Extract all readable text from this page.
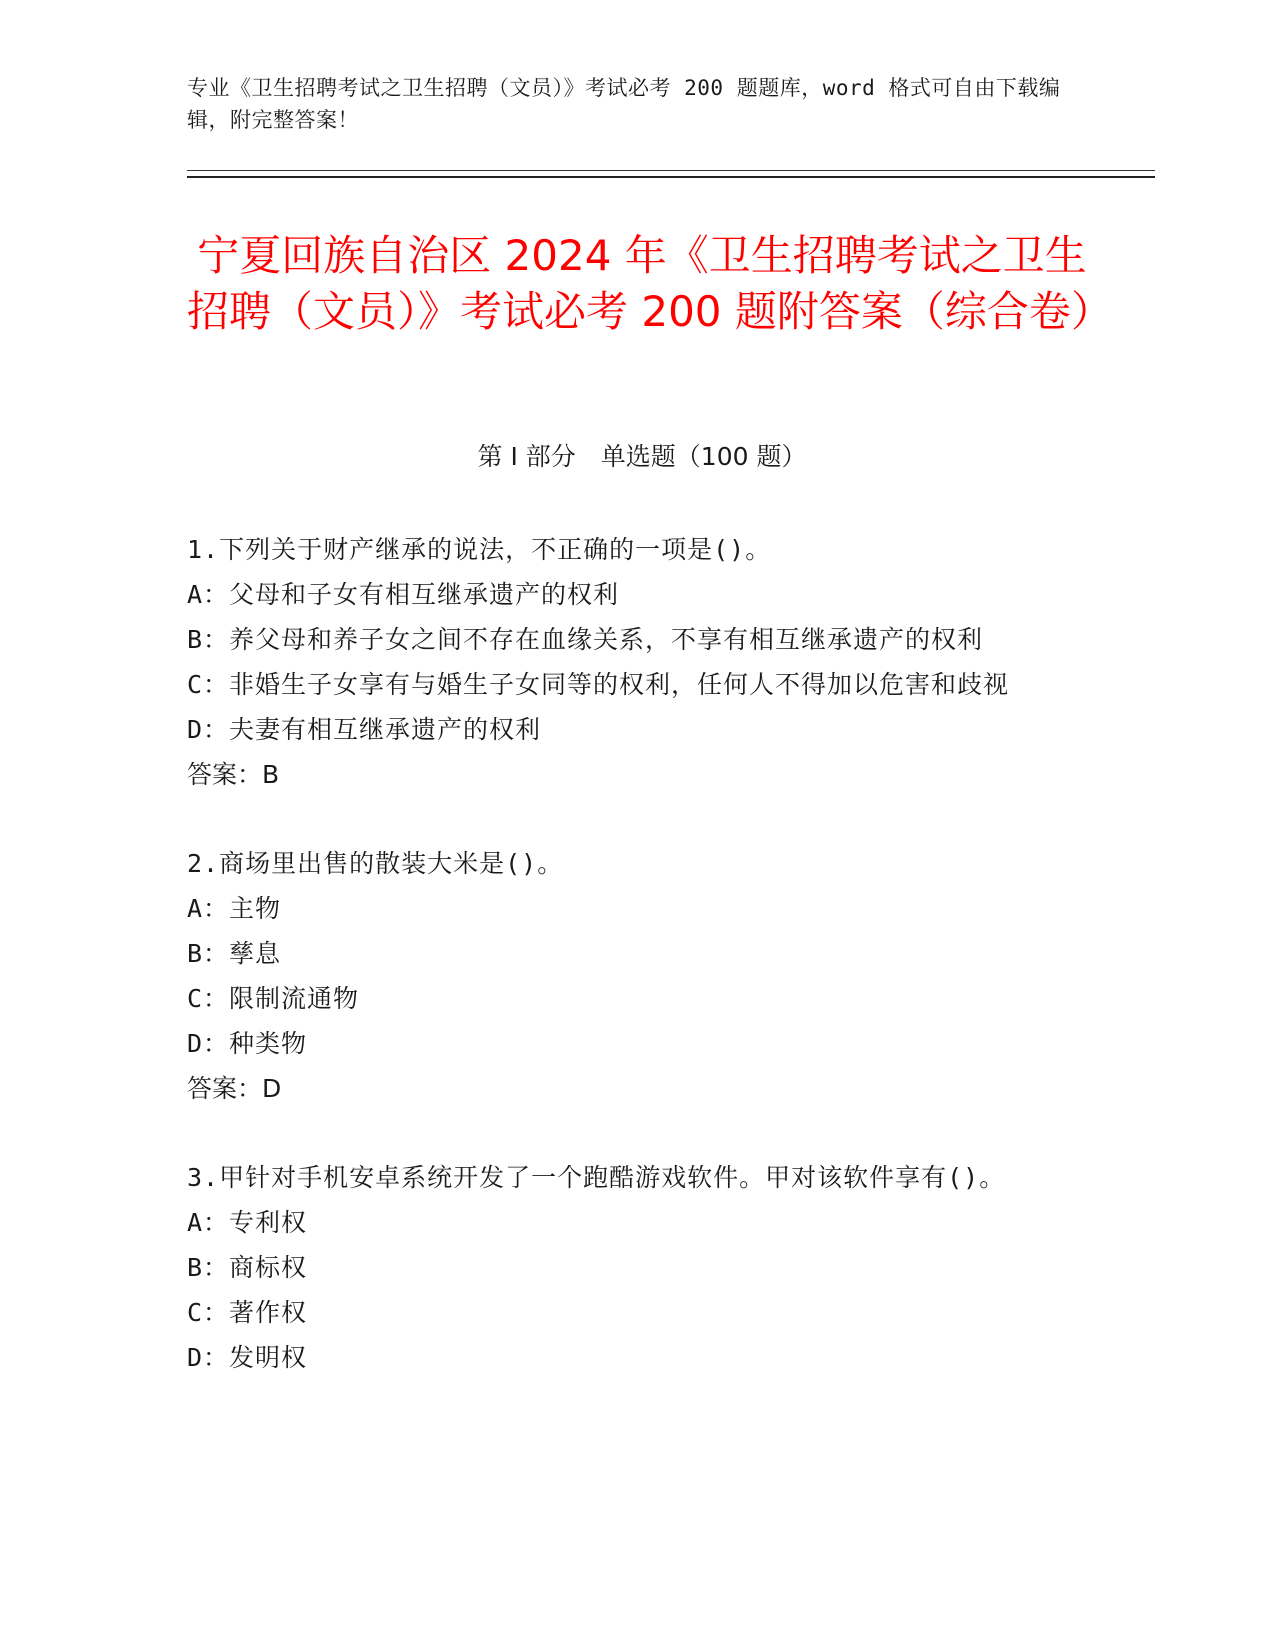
专业《卫生招聘考试之卫生招聘（文员）》考试必考 200 题题库，word 格式可自由下载编辑，附完整答案！
宁夏回族自治区 2024 年《卫生招聘考试之卫生招聘（文员）》考试必考 200 题附答案（综合卷）
第 I 部分　单选题（100 题）
1.下列关于财产继承的说法，不正确的一项是()。
A：父母和子女有相互继承遗产的权利
B：养父母和养子女之间不存在血缘关系，不享有相互继承遗产的权利
C：非婚生子女享有与婚生子女同等的权利，任何人不得加以危害和歧视
D：夫妻有相互继承遗产的权利
答案：B
2.商场里出售的散装大米是()。
A：主物
B：孳息
C：限制流通物
D：种类物
答案：D
3.甲针对手机安卓系统开发了一个跑酷游戏软件。甲对该软件享有()。
A：专利权
B：商标权
C：著作权
D：发明权
